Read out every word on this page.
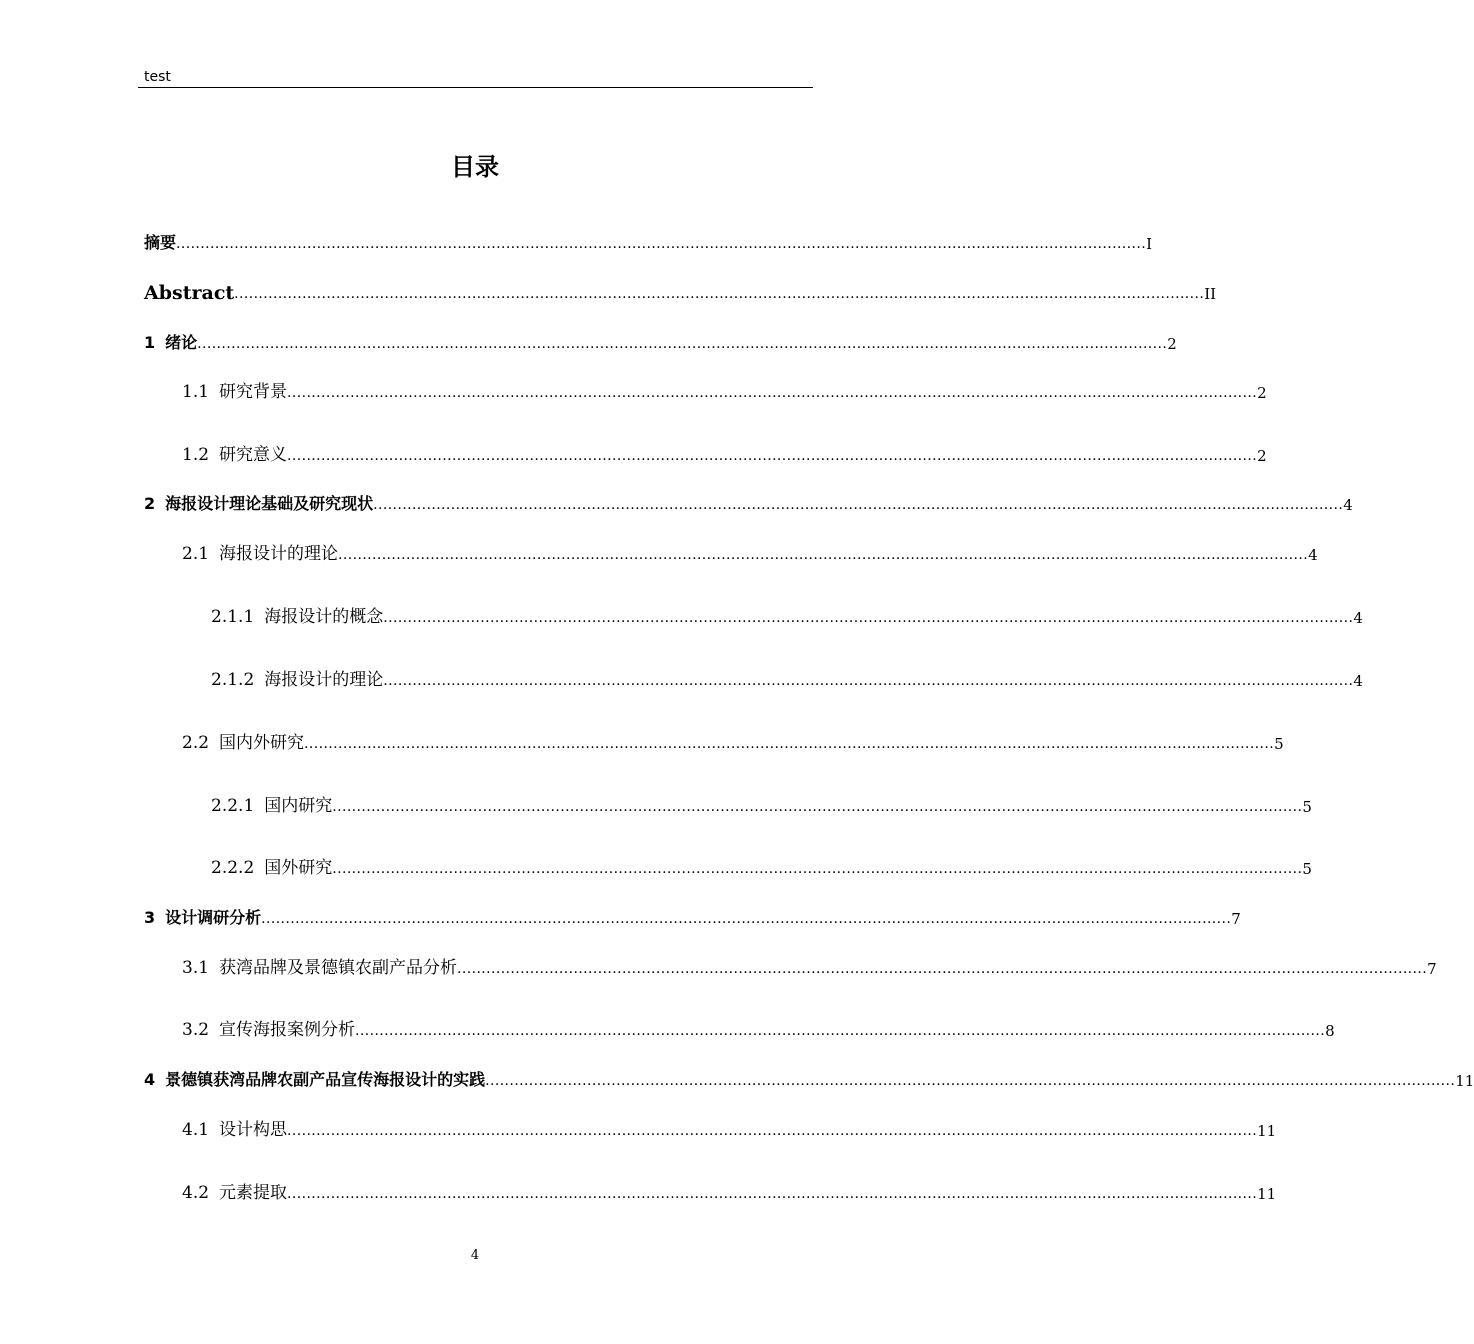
test
目录
摘要 ........................................................................................................................................................................................................ I
Abstract ........................................................................................................................................................................................................ II
1 绪论 ........................................................................................................................................................................................................ 2
1.1 研究背景 ........................................................................................................................................................................................................ 2
1.2 研究意义 ........................................................................................................................................................................................................ 2
2 海报设计理论基础及研究现状 ........................................................................................................................................................................................................ 4
2.1 海报设计的理论 ........................................................................................................................................................................................................ 4
2.1.1 海报设计的概念 ........................................................................................................................................................................................................ 4
2.1.2 海报设计的理论 ........................................................................................................................................................................................................ 4
2.2 国内外研究 ........................................................................................................................................................................................................ 5
2.2.1 国内研究 ........................................................................................................................................................................................................ 5
2.2.2 国外研究 ........................................................................................................................................................................................................ 5
3 设计调研分析 ........................................................................................................................................................................................................ 7
3.1 获湾品牌及景德镇农副产品分析 ........................................................................................................................................................................................................ 7
3.2 宣传海报案例分析 ........................................................................................................................................................................................................ 8
4 景德镇获湾品牌农副产品宣传海报设计的实践 ........................................................................................................................................................................................................ 11
4.1 设计构思 ........................................................................................................................................................................................................ 11
4.2 元素提取 ........................................................................................................................................................................................................ 11
4
